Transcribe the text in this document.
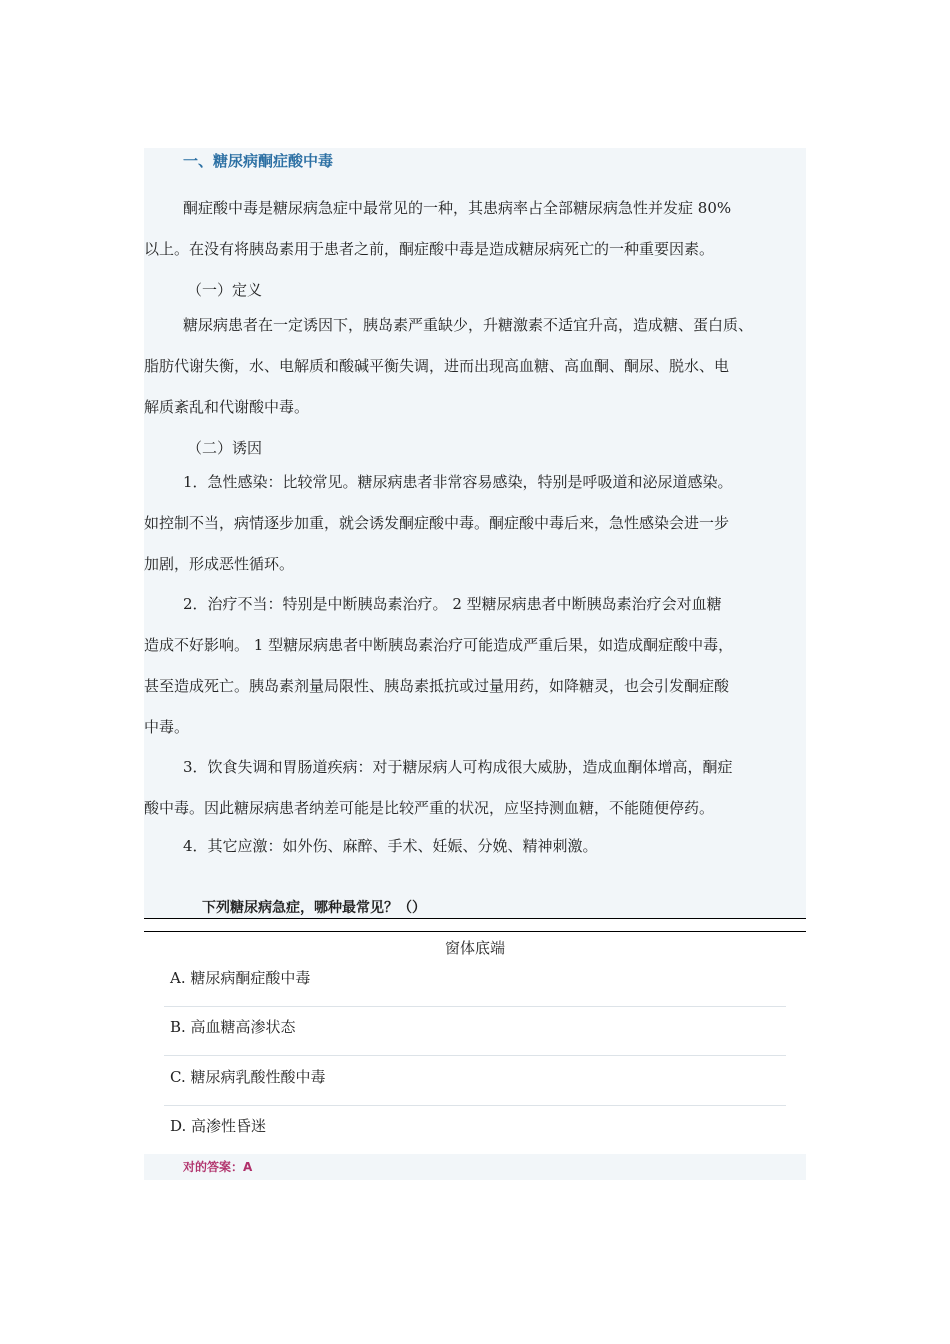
一、糖尿病酮症酸中毒

酮症酸中毒是糖尿病急症中最常见的一种，其患病率占全部糖尿病急性并发症 80%
以上。在没有将胰岛素用于患者之前，酮症酸中毒是造成糖尿病死亡的一种重要因素。

（一）定义

糖尿病患者在一定诱因下，胰岛素严重缺少，升糖激素不适宜升高，造成糖、蛋白质、
脂肪代谢失衡，水、电解质和酸碱平衡失调，进而出现高血糖、高血酮、酮尿、脱水、电
解质紊乱和代谢酸中毒。

（二）诱因

1．急性感染：比较常见。糖尿病患者非常容易感染，特别是呼吸道和泌尿道感染。
如控制不当，病情逐步加重，就会诱发酮症酸中毒。酮症酸中毒后来，急性感染会进一步
加剧，形成恶性循环。

2．治疗不当：特别是中断胰岛素治疗。 2 型糖尿病患者中断胰岛素治疗会对血糖
造成不好影响。 1 型糖尿病患者中断胰岛素治疗可能造成严重后果，如造成酮症酸中毒，
甚至造成死亡。胰岛素剂量局限性、胰岛素抵抗或过量用药，如降糖灵，也会引发酮症酸
中毒。

3．饮食失调和胃肠道疾病：对于糖尿病人可构成很大威胁，造成血酮体增高，酮症
酸中毒。因此糖尿病患者纳差可能是比较严重的状况，应坚持测血糖，不能随便停药。

4．其它应激：如外伤、麻醉、手术、妊娠、分娩、精神刺激。

下列糖尿病急症，哪种最常见？（）
窗体底端
A. 糖尿病酮症酸中毒
B. 高血糖高渗状态
C. 糖尿病乳酸性酸中毒
D. 高渗性昏迷
对的答案：A
